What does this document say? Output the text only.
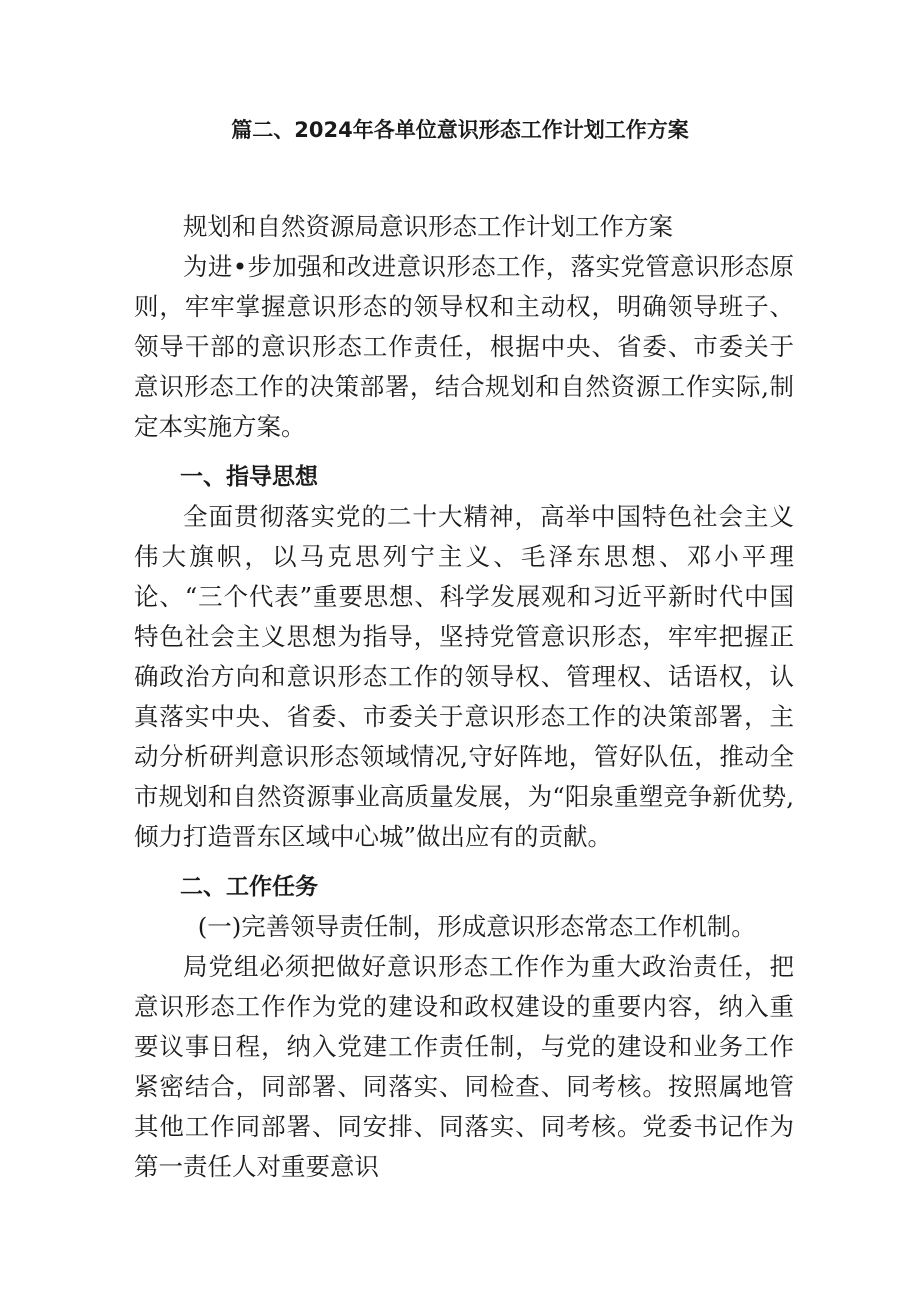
篇二、2024年各单位意识形态工作计划工作方案

规划和自然资源局意识形态工作计划工作方案

为进•步加强和改进意识形态工作，落实党管意识形态原则，牢牢掌握意识形态的领导权和主动权，明确领导班子、领导干部的意识形态工作责任，根据中央、省委、市委关于意识形态工作的决策部署，结合规划和自然资源工作实际,制定本实施方案。

一、指导思想

全面贯彻落实党的二十大精神，高举中国特色社会主义伟大旗帜，以马克思列宁主义、毛泽东思想、邓小平理论、“三个代表”重要思想、科学发展观和习近平新时代中国特色社会主义思想为指导，坚持党管意识形态，牢牢把握正确政治方向和意识形态工作的领导权、管理权、话语权，认真落实中央、省委、市委关于意识形态工作的决策部署，主动分析研判意识形态领域情况,守好阵地，管好队伍，推动全市规划和自然资源事业高质量发展，为“阳泉重塑竞争新优势,倾力打造晋东区域中心城”做出应有的贡献。

二、工作任务

(一)完善领导责任制，形成意识形态常态工作机制。

局党组必须把做好意识形态工作作为重大政治责任，把意识形态工作作为党的建设和政权建设的重要内容，纳入重要议事日程，纳入党建工作责任制，与党的建设和业务工作紧密结合，同部署、同落实、同检查、同考核。按照属地管其他工作同部署、同安排、同落实、同考核。党委书记作为第一责任人对重要意识
